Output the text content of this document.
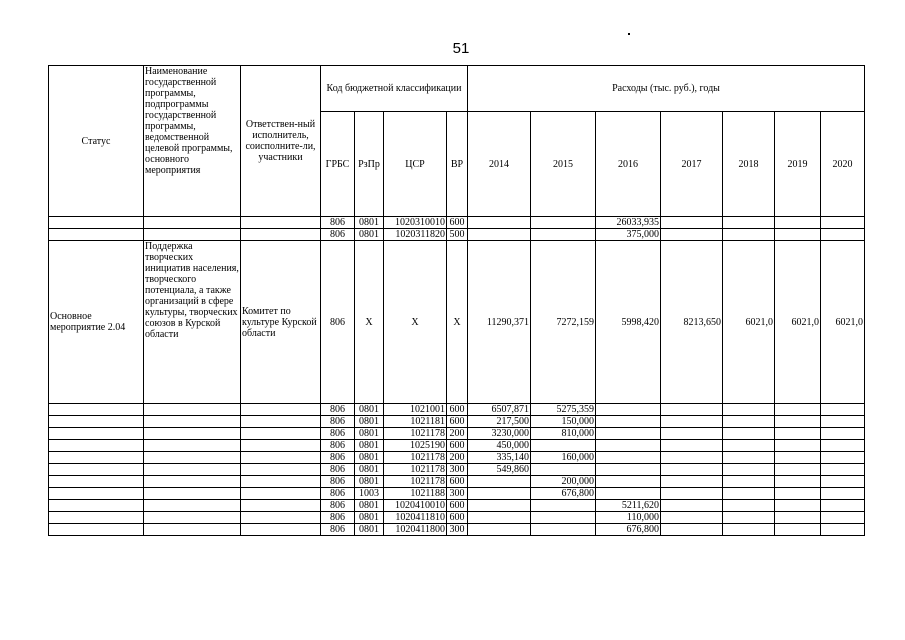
51
Статус	Наименование государственной программы, подпрограммы государственной программы, ведомственной целевой программы, основного мероприятия	Ответствен-ный исполнитель, соисполните-ли, участники	Код бюджетной классификации				Расходы (тыс. руб.), годы						
			ГРБС	РзПр	ЦСР	ВР	2014	2015	2016	2017	2018	2019	2020
			806	0801	1020310010	600			26033,935				
			806	0801	1020311820	500			375,000				
Основное мероприятие 2.04	Поддержка творческих инициатив населения, творческого потенциала, а также организаций в сфере культуры, творческих союзов в Курской области	Комитет по культуре Курской области	806	Х	Х	Х	11290,371	7272,159	5998,420	8213,650	6021,0	6021,0	6021,0
			806	0801	1021001	600	6507,871	5275,359					
			806	0801	1021181	600	217,500	150,000					
			806	0801	1021178	200	3230,000	810,000					
			806	0801	1025190	600	450,000						
			806	0801	1021178	200	335,140	160,000					
			806	0801	1021178	300	549,860						
			806	0801	1021178	600		200,000					
			806	1003	1021188	300		676,800					
			806	0801	1020410010	600			5211,620				
			806	0801	1020411810	600			110,000				
			806	0801	1020411800	300			676,800				
